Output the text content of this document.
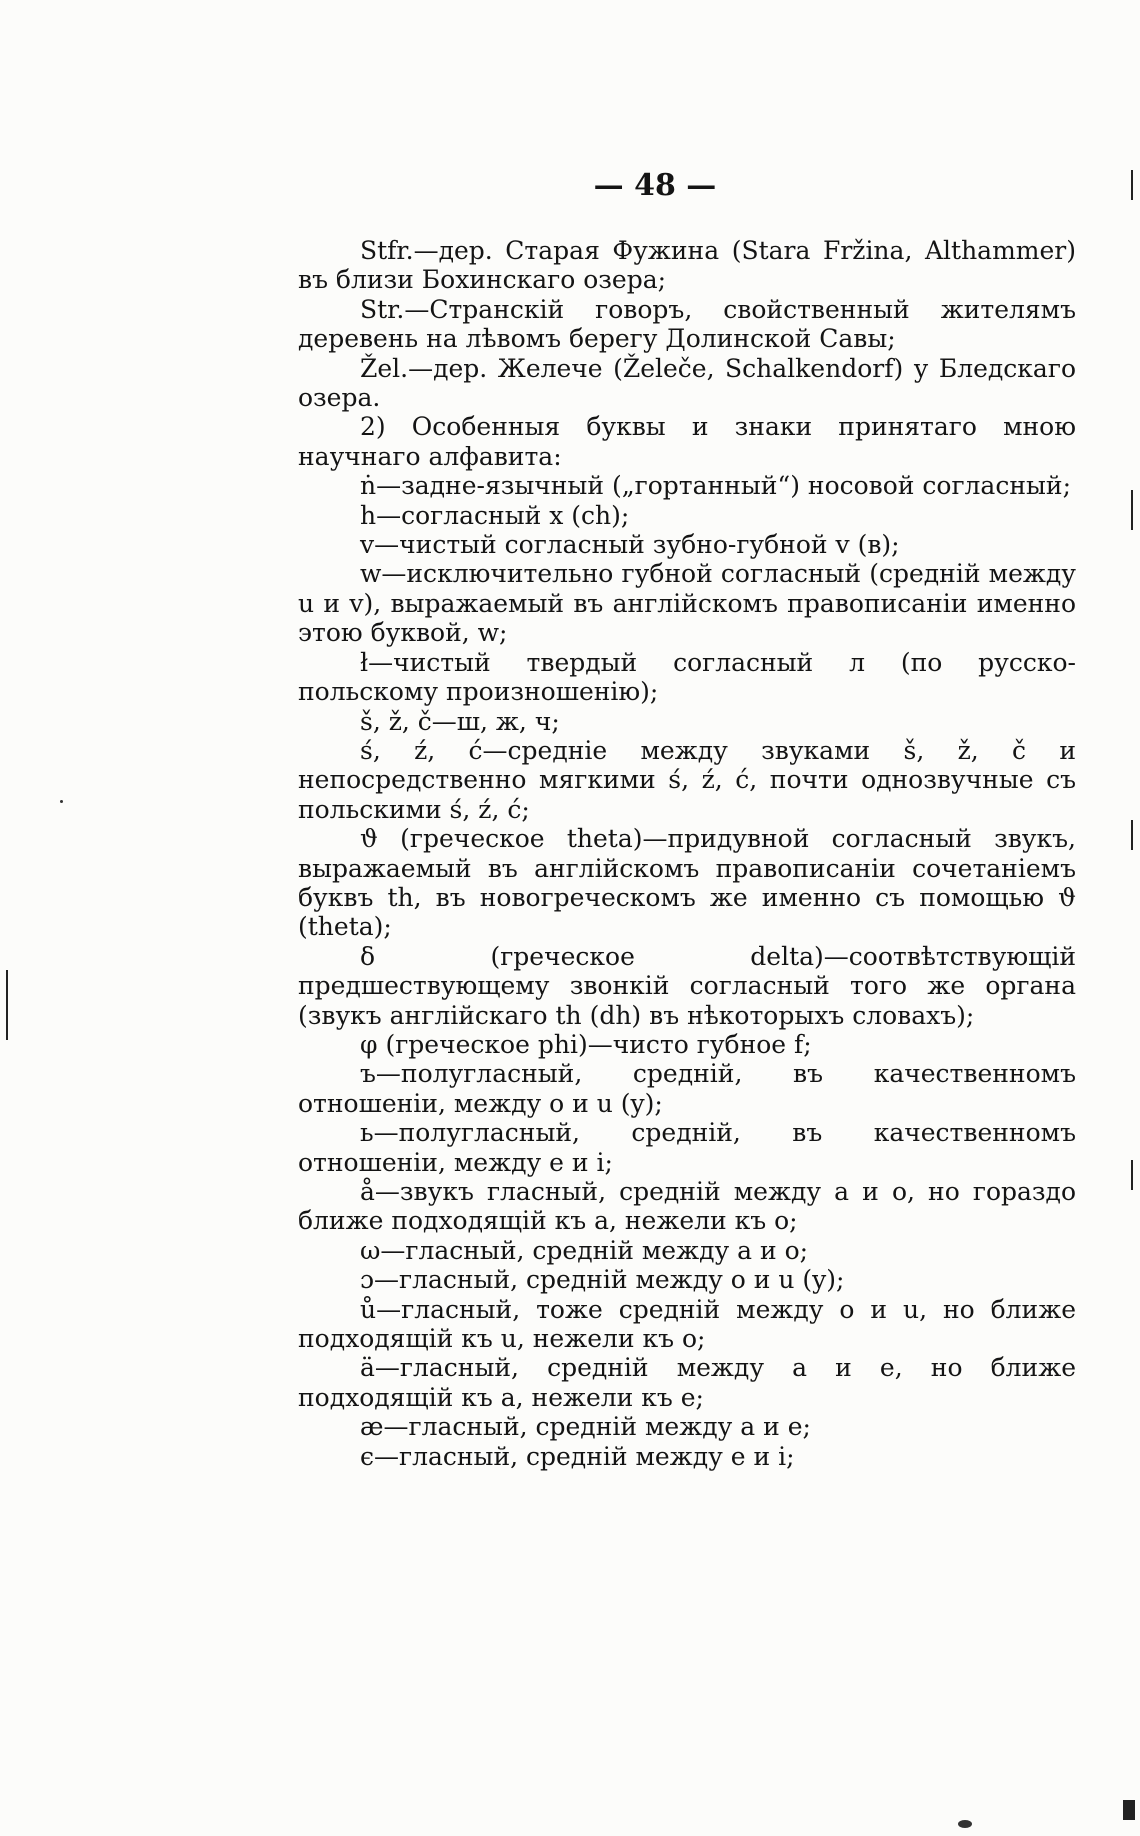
— 48 —

Stfr.—дер. Старая Фужина (Stara Fržina, Althammer) въ близи Бохинскаго озера;

Str.—Странскій говоръ, свойственный жителямъ деревень на лѣвомъ берегу Долинской Савы;

Žel.—дер. Желече (Želeče, Schalkendorf) у Бледскаго озера.

2) Особенныя буквы и знаки принятаго мною научнаго алфавита:

ṅ—задне-язычный („гортанный“) носовой согласный;

h—согласный x (ch);

v—чистый согласный зубно-губной v (в);

w—исключительно губной согласный (средній между u и v), выражаемый въ англійскомъ правописаніи именно этою буквой, w;

ł—чистый твердый согласный л (по русско-польскому произношенію);

š, ž, č—ш, ж, ч;

ś, ź, ć—средніе между звуками š, ž, č и непосредственно мягкими ś, ź, ć, почти однозвучные съ польскими ś, ź, ć;

ϑ (греческое theta)—придувной согласный звукъ, выражаемый въ англійскомъ правописаніи сочетаніемъ буквъ th, въ новогреческомъ же именно съ помощью ϑ (theta);

δ (греческое delta)—соотвѣтствующій предшествующему звонкій согласный того же органа (звукъ англійскаго th (dh) въ нѣкоторыхъ словахъ);

φ (греческое phi)—чисто губное f;

ъ—полугласный, средній, въ качественномъ отношеніи, между o и u (y);

ь—полугласный, средній, въ качественномъ отношеніи, между e и i;

å—звукъ гласный, средній между a и o, но гораздо ближе подходящій къ a, нежели къ o;

ω—гласный, средній между a и o;

ɔ—гласный, средній между o и u (y);

ů—гласный, тоже средній между o и u, но ближе подходящій къ u, нежели къ o;

ä—гласный, средній между a и e, но ближе подходящій къ a, нежели къ e;

æ—гласный, средній между a и e;

ϵ—гласный, средній между e и i;
